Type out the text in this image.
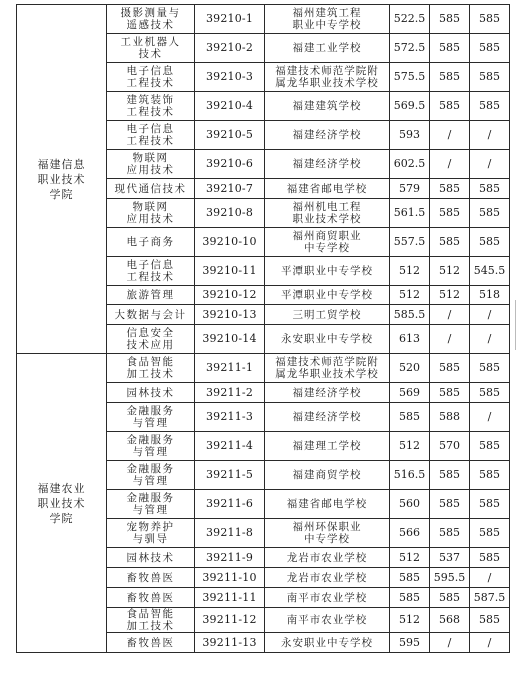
福建信息
职业技术
学院	摄影测量与
遥感技术	39210-1	福州建筑工程
职业中专学校	522.5	585	585
	工业机器人
技术	39210-2	福建工业学校	572.5	585	585
	电子信息
工程技术	39210-3	福建技术师范学院附
属龙华职业技术学校	575.5	585	585
	建筑装饰
工程技术	39210-4	福建建筑学校	569.5	585	585
	电子信息
工程技术	39210-5	福建经济学校	593	/	/
	物联网
应用技术	39210-6	福建经济学校	602.5	/	/
	现代通信技术	39210-7	福建省邮电学校	579	585	585
	物联网
应用技术	39210-8	福州机电工程
职业技术学校	561.5	585	585
	电子商务	39210-10	福州商贸职业
中专学校	557.5	585	585
	电子信息
工程技术	39210-11	平潭职业中专学校	512	512	545.5
	旅游管理	39210-12	平潭职业中专学校	512	512	518
	大数据与会计	39210-13	三明工贸学校	585.5	/	/
	信息安全
技术应用	39210-14	永安职业中专学校	613	/	/
福建农业
职业技术
学院	食品智能
加工技术	39211-1	福建技术师范学院附
属龙华职业技术学校	520	585	585
	园林技术	39211-2	福建经济学校	569	585	585
	金融服务
与管理	39211-3	福建经济学校	585	588	/
	金融服务
与管理	39211-4	福建理工学校	512	570	585
	金融服务
与管理	39211-5	福建商贸学校	516.5	585	585
	金融服务
与管理	39211-6	福建省邮电学校	560	585	585
	宠物养护
与驯导	39211-8	福州环保职业
中专学校	566	585	585
	园林技术	39211-9	龙岩市农业学校	512	537	585
	畜牧兽医	39211-10	龙岩市农业学校	585	595.5	/
	畜牧兽医	39211-11	南平市农业学校	585	585	587.5
	食品智能
加工技术	39211-12	南平市农业学校	512	568	585
	畜牧兽医	39211-13	永安职业中专学校	595	/	/
